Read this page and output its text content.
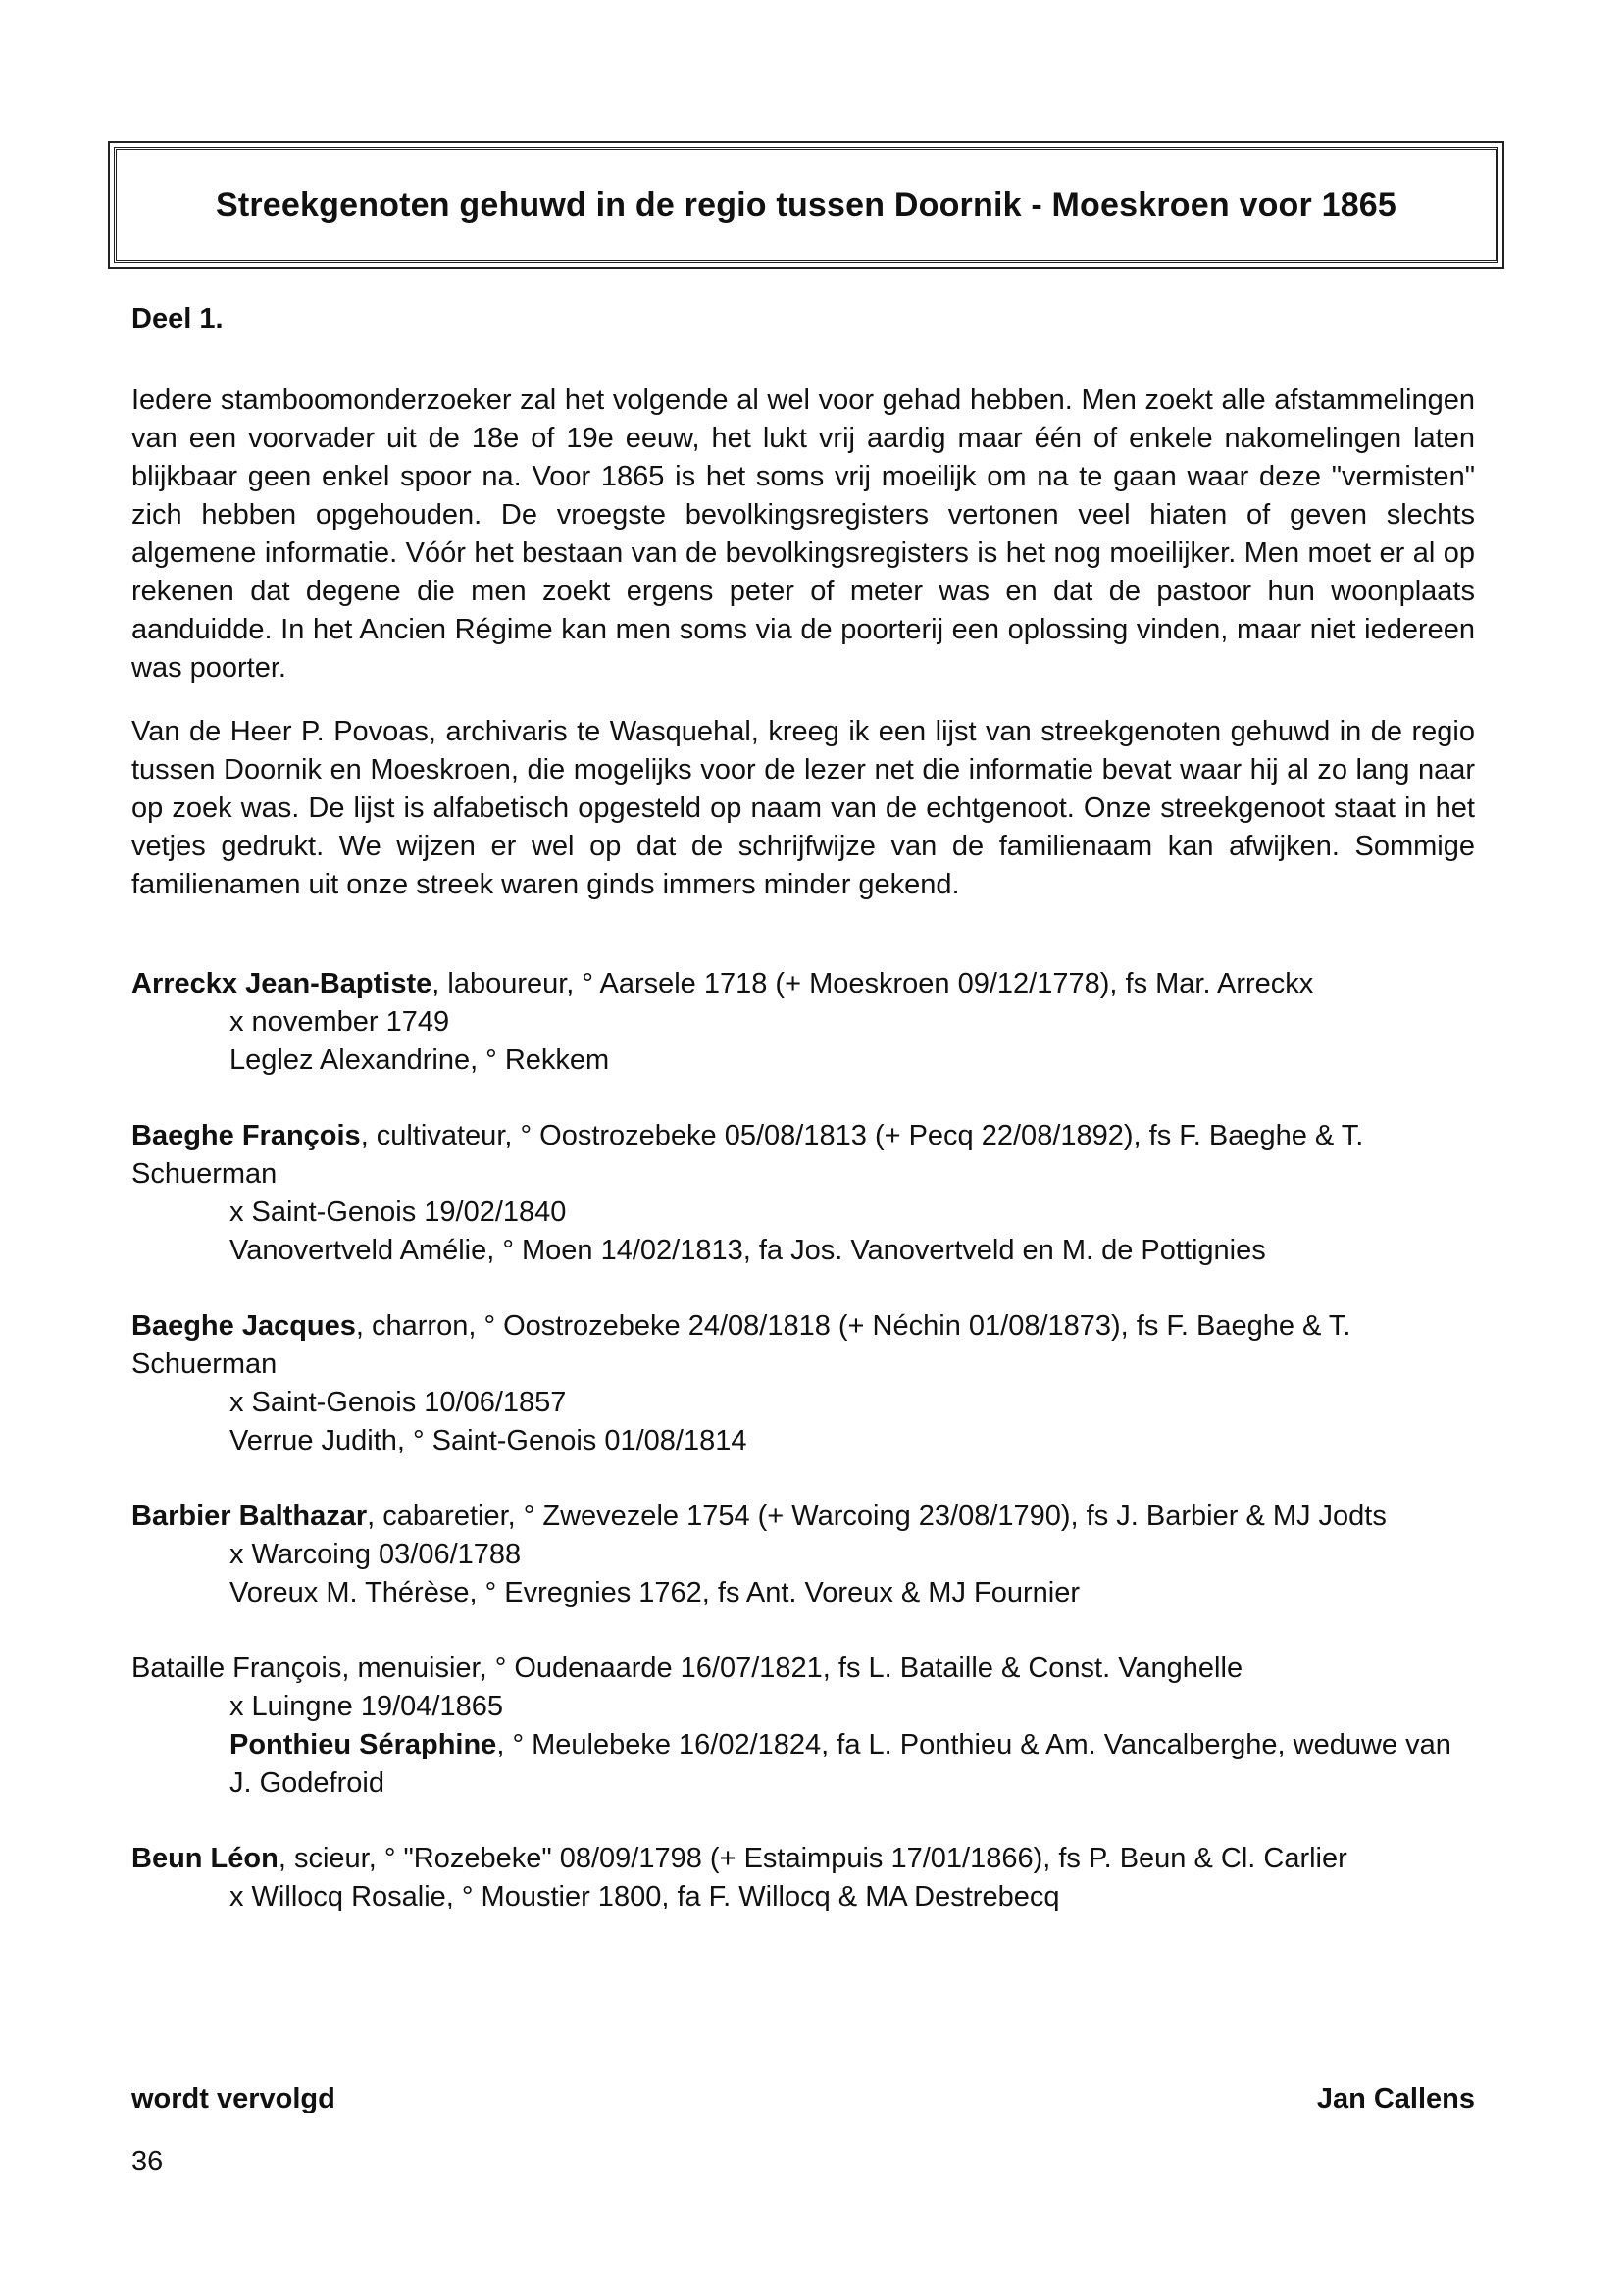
Streekgenoten gehuwd in de regio tussen Doornik - Moeskroen voor 1865
Deel 1.

Iedere stamboomonderzoeker zal het volgende al wel voor gehad hebben. Men zoekt alle afstammelingen van een voorvader uit de 18e of 19e eeuw, het lukt vrij aardig maar één of enkele nakomelingen laten blijkbaar geen enkel spoor na. Voor 1865 is het soms vrij moeilijk om na te gaan waar deze "vermisten" zich hebben opgehouden. De vroegste bevolkingsregisters vertonen veel hiaten of geven slechts algemene informatie. Vóór het bestaan van de bevolkingsregisters is het nog moeilijker. Men moet er al op rekenen dat degene die men zoekt ergens peter of meter was en dat de pastoor hun woonplaats aanduidde. In het Ancien Régime kan men soms via de poorterij een oplossing vinden, maar niet iedereen was poorter.

Van de Heer P. Povoas, archivaris te Wasquehal, kreeg ik een lijst van streekgenoten gehuwd in de regio tussen Doornik en Moeskroen, die mogelijks voor de lezer net die informatie bevat waar hij al zo lang naar op zoek was. De lijst is alfabetisch opgesteld op naam van de echtgenoot. Onze streekgenoot staat in het vetjes gedrukt. We wijzen er wel op dat de schrijfwijze van de familienaam kan afwijken. Sommige familienamen uit onze streek waren ginds immers minder gekend.

Arreckx Jean-Baptiste, laboureur, ° Aarsele 1718 (+ Moeskroen 09/12/1778), fs Mar. Arreckx
x november 1749
Leglez Alexandrine, ° Rekkem
Baeghe François, cultivateur, ° Oostrozebeke 05/08/1813 (+ Pecq 22/08/1892), fs F. Baeghe & T. Schuerman
x Saint-Genois 19/02/1840
Vanovertveld Amélie, ° Moen 14/02/1813, fa Jos. Vanovertveld en M. de Pottignies
Baeghe Jacques, charron, ° Oostrozebeke 24/08/1818 (+ Néchin 01/08/1873), fs F. Baeghe & T. Schuerman
x Saint-Genois 10/06/1857
Verrue Judith, ° Saint-Genois 01/08/1814
Barbier Balthazar, cabaretier, ° Zwevezele 1754 (+ Warcoing 23/08/1790), fs J. Barbier & MJ Jodts
x Warcoing 03/06/1788
Voreux M. Thérèse, ° Evregnies 1762, fs Ant. Voreux & MJ Fournier
Bataille François, menuisier, ° Oudenaarde 16/07/1821, fs L. Bataille & Const. Vanghelle
x Luingne 19/04/1865
Ponthieu Séraphine, ° Meulebeke 16/02/1824, fa L. Ponthieu & Am. Vancalberghe, weduwe van J. Godefroid
Beun Léon, scieur, ° "Rozebeke" 08/09/1798 (+ Estaimpuis 17/01/1866), fs P. Beun & Cl. Carlier
x Willocq Rosalie, ° Moustier 1800, fa F. Willocq & MA Destrebecq
wordt vervolgd	Jan Callens
36
